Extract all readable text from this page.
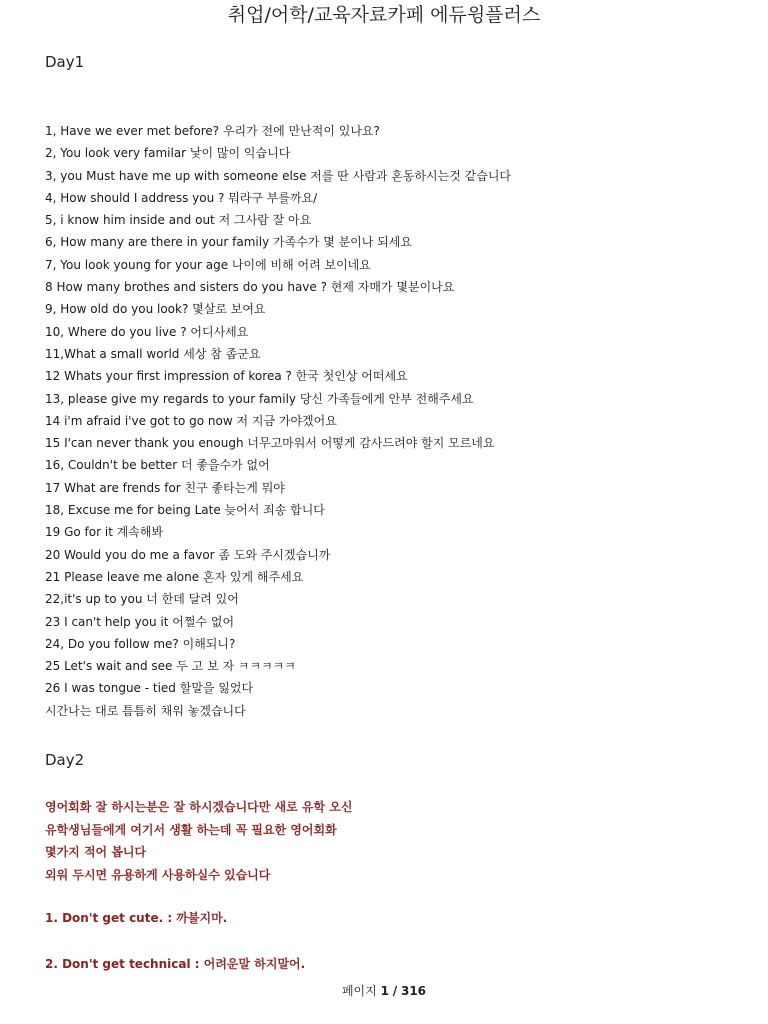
취업/어학/교육자료카페 에듀윙플러스
Day1
1, Have we ever met before? 우리가 전에 만난적이 있나요?
2, You look very familar 낯이 많이 익습니다
3, you Must have me up with someone else 저를 딴 사람과 혼동하시는것 같습니다
4, How should I address you ? 뭐라구 부를까요/
5, i know him inside and out 저 그사람 잘 아요
6, How many are there in your family 가족수가 몇 분이나 되세요
7, You look young for your age 나이에 비해 어려 보이네요
8 How many brothes and sisters do you have ? 현제 자매가 몇분이나요
9, How old do you look? 몇살로 보여요
10, Where do you live ? 어디사세요
11,What a small world 세상 참 좁군요
12 Whats your first impression of korea ? 한국 첫인상 어떠세요
13, please give my regards to your family 당신 가족들에게 안부 전해주세요
14 i'm afraid i've got to go now 저 지금 가야겠어요
15 I'can never thank you enough 너무고마워서 어떻게 감사드려야 할지 모르네요
16, Couldn't be better 더 좋을수가 없어
17 What are frends for 친구 좋타는게 뭐야
18, Excuse me for being Late 늦어서 죄송 합니다
19 Go for it 계속해봐
20 Would you do me a favor 좀 도와 주시겠습니까
21 Please leave me alone 혼자 있게 해주세요
22,it's up to you 너 한데 달려 있어
23 I can't help you it 어쩔수 없어
24, Do you follow me? 이해되니?
25 Let's wait and see 두 고 보 자 ㅋㅋㅋㅋㅋ
26 I was tongue - tied 할말을 잃었다
시간나는 대로 틈틈히 채워 놓겠습니다
Day2
영어회화 잘 하시는분은 잘 하시겠습니다만 새로 유학 오신
유학생님들에게 여기서 생활 하는데 꼭 필요한 영어회화
몇가지 적어 봅니다
외워 두시면 유용하게 사용하실수 있습니다
1. Don't get cute. : 까불지마.
2. Don't get technical : 어려운말 하지말어.
페이지 1 / 316
